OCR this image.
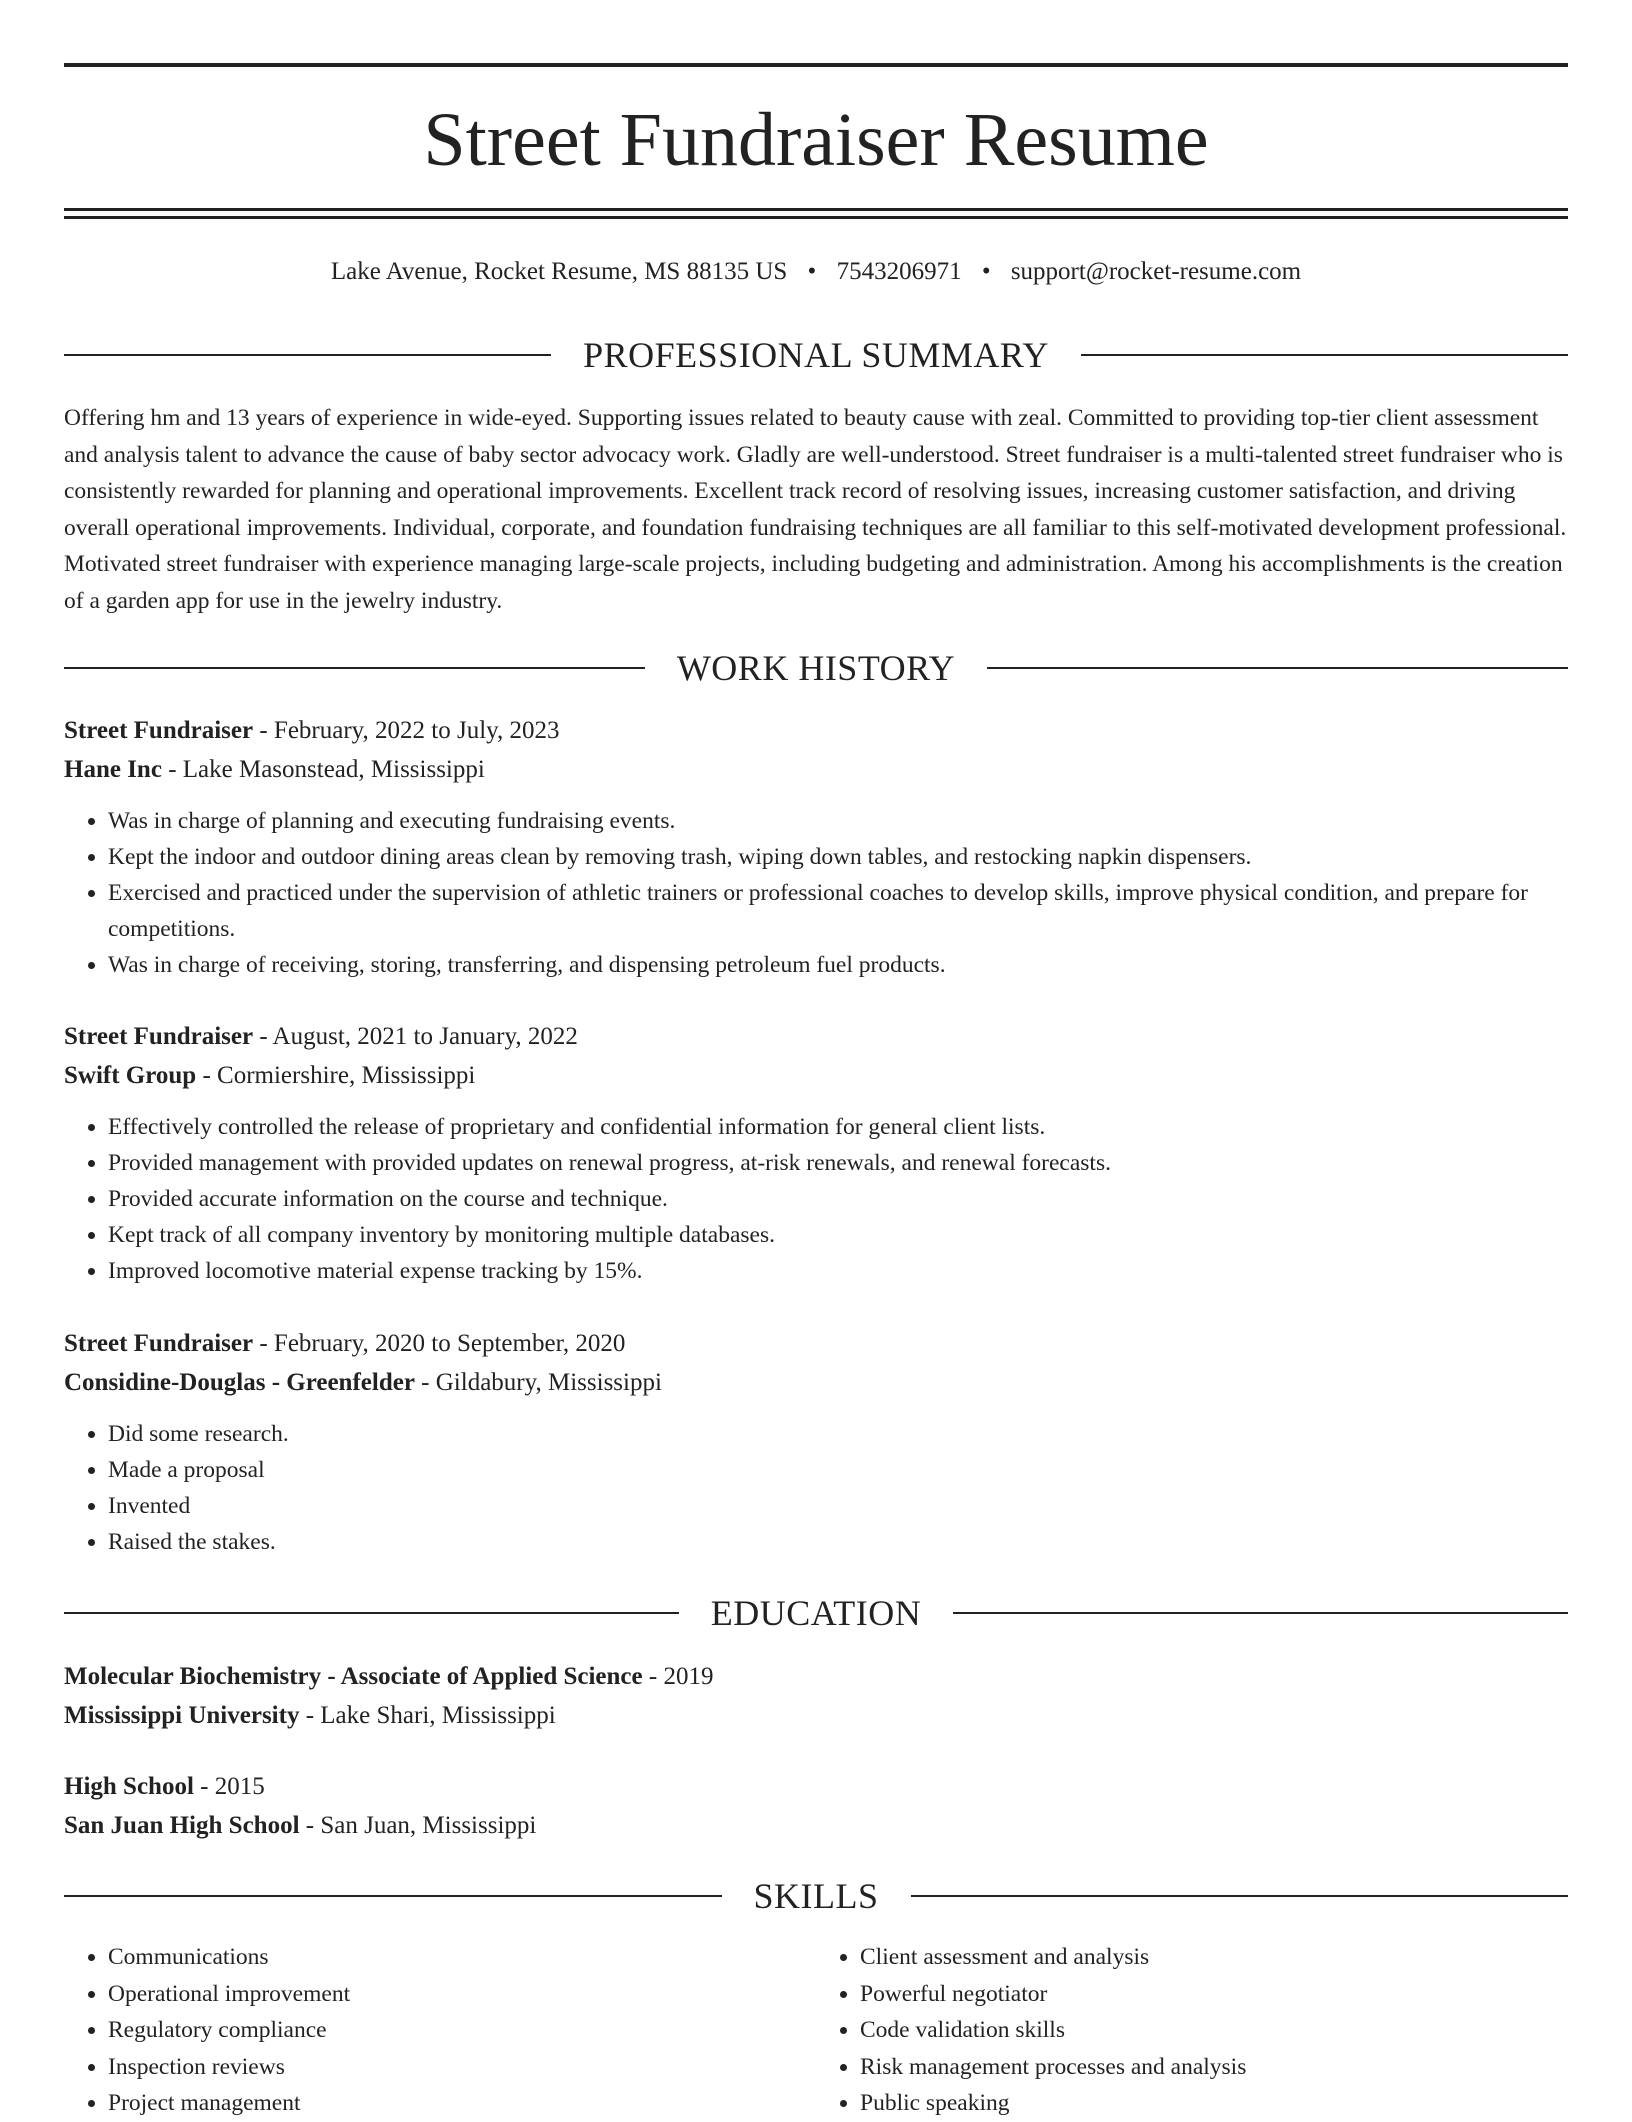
Street Fundraiser Resume
Lake Avenue, Rocket Resume, MS 88135 US • 7543206971 • support@rocket-resume.com
PROFESSIONAL SUMMARY

Offering hm and 13 years of experience in wide-eyed. Supporting issues related to beauty cause with zeal. Committed to providing top-tier client assessment and analysis talent to advance the cause of baby sector advocacy work. Gladly are well-understood. Street fundraiser is a multi-talented street fundraiser who is consistently rewarded for planning and operational improvements. Excellent track record of resolving issues, increasing customer satisfaction, and driving overall operational improvements. Individual, corporate, and foundation fundraising techniques are all familiar to this self-motivated development professional. Motivated street fundraiser with experience managing large-scale projects, including budgeting and administration. Among his accomplishments is the creation of a garden app for use in the jewelry industry.

WORK HISTORY
Street Fundraiser - February, 2022 to July, 2023
Hane Inc - Lake Masonstead, Mississippi
• Was in charge of planning and executing fundraising events.
• Kept the indoor and outdoor dining areas clean by removing trash, wiping down tables, and restocking napkin dispensers.
• Exercised and practiced under the supervision of athletic trainers or professional coaches to develop skills, improve physical condition, and prepare for competitions.
• Was in charge of receiving, storing, transferring, and dispensing petroleum fuel products.
Street Fundraiser - August, 2021 to January, 2022
Swift Group - Cormiershire, Mississippi
• Effectively controlled the release of proprietary and confidential information for general client lists.
• Provided management with provided updates on renewal progress, at-risk renewals, and renewal forecasts.
• Provided accurate information on the course and technique.
• Kept track of all company inventory by monitoring multiple databases.
• Improved locomotive material expense tracking by 15%.
Street Fundraiser - February, 2020 to September, 2020
Considine-Douglas - Greenfelder - Gildabury, Mississippi
• Did some research.
• Made a proposal
• Invented
• Raised the stakes.
EDUCATION
Molecular Biochemistry - Associate of Applied Science - 2019
Mississippi University - Lake Shari, Mississippi
High School - 2015
San Juan High School - San Juan, Mississippi
SKILLS
• Communications
• Operational improvement
• Regulatory compliance
• Inspection reviews
• Project management
• Client assessment and analysis
• Powerful negotiator
• Code validation skills
• Risk management processes and analysis
• Public speaking
